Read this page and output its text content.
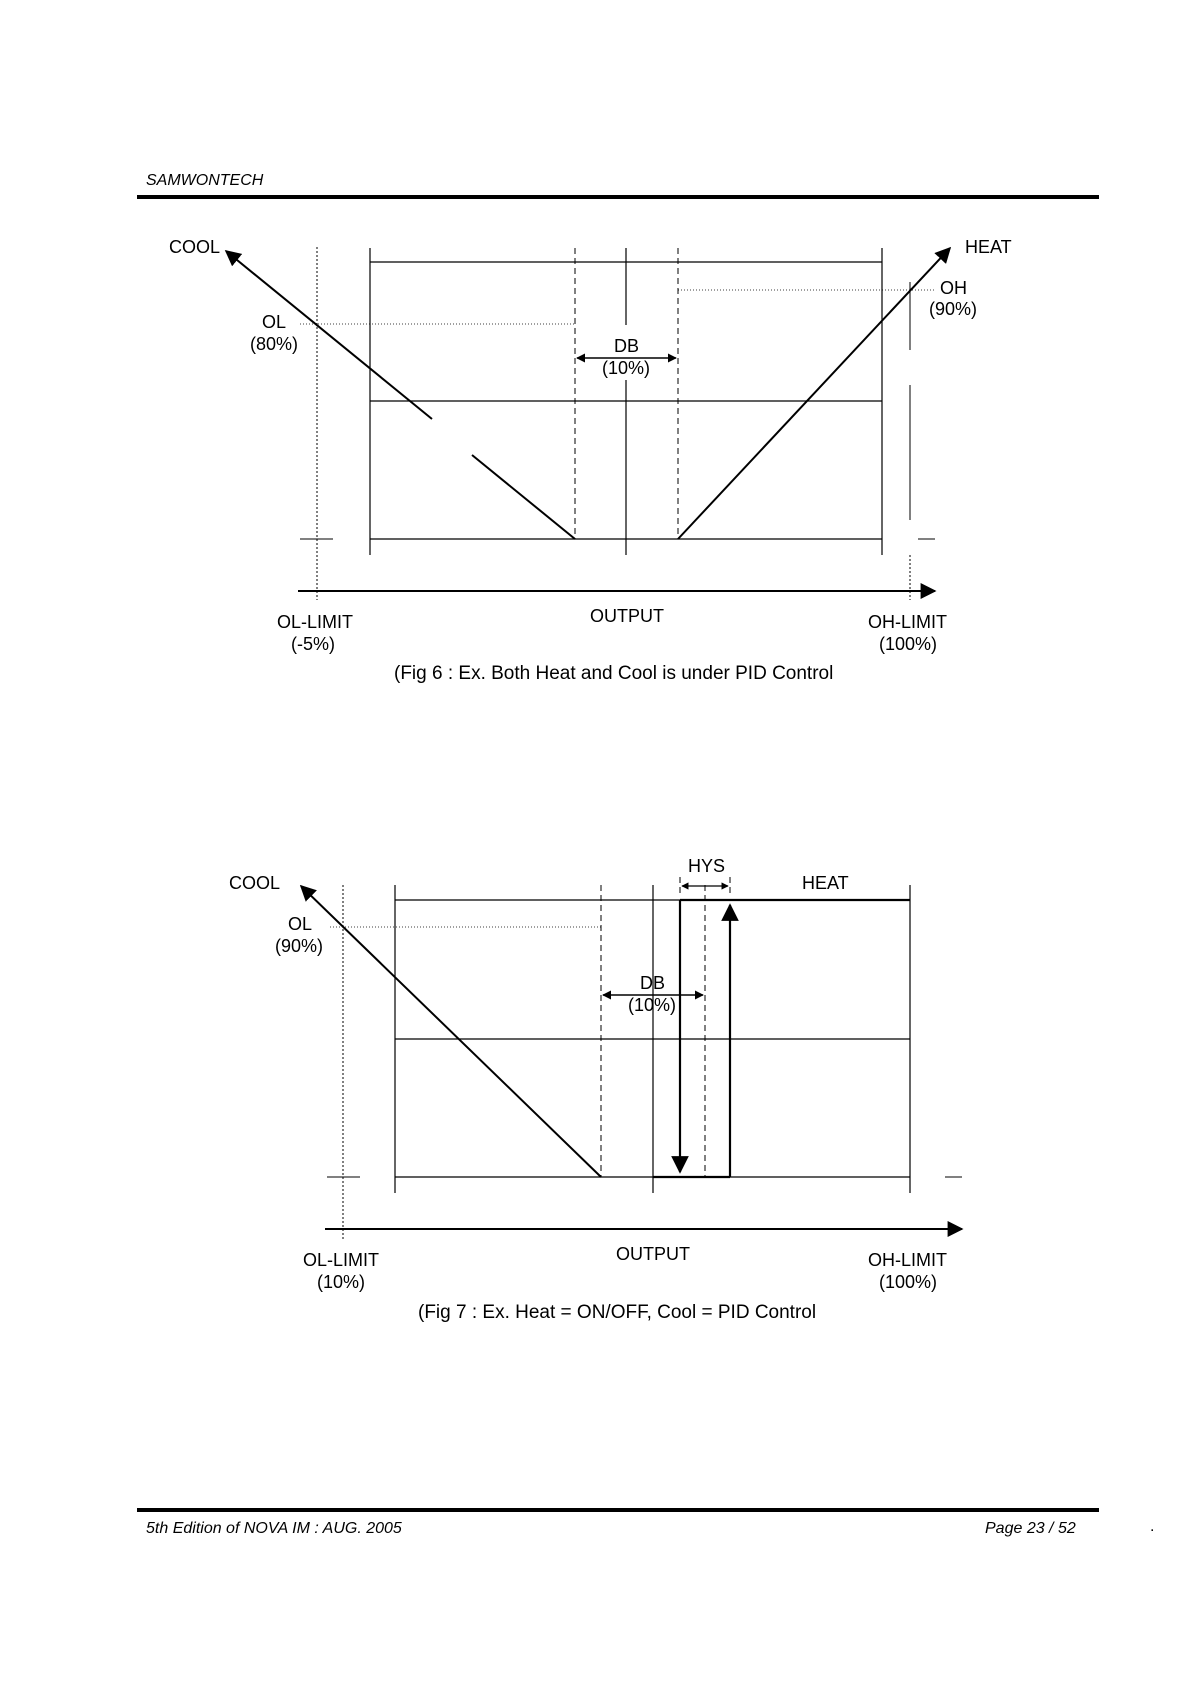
SAMWONTECH
COOL	HEAT
OL
(80%)
OH
(90%)
DB
(10%)
OUTPUT
OL-LIMIT
(-5%)
OH-LIMIT
(100%)
(Fig 6 : Ex. Both Heat and Cool is under PID Control
COOL	HEAT
HYS
OL
(90%)
DB
(10%)
OUTPUT
OL-LIMIT
(10%)
OH-LIMIT
(100%)
(Fig 7 : Ex. Heat = ON/OFF, Cool = PID Control
5th Edition of NOVA IM : AUG. 2005	Page 23 / 52	.
